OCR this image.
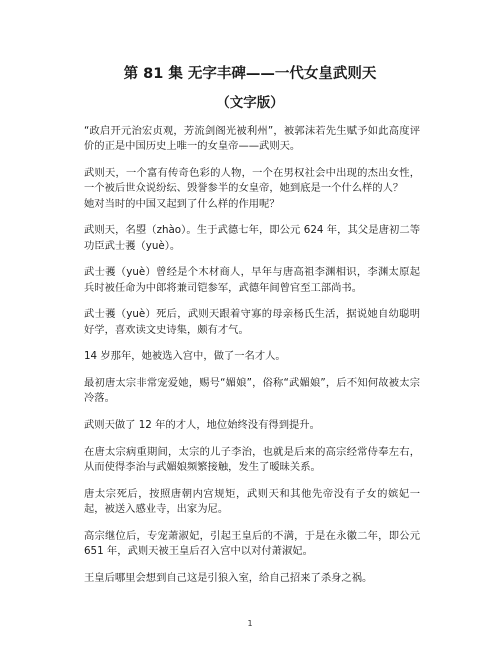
第 81 集 无字丰碑——一代女皇武则天
（文字版）

“政启开元治宏贞观，芳流剑阁光被利州”，被郭沫若先生赋予如此高度评价的正是中国历史上唯一的女皇帝——武则天。

武则天，一个富有传奇色彩的人物，一个在男权社会中出现的杰出女性，一个被后世众说纷纭、毁誉参半的女皇帝，她到底是一个什么样的人？
她对当时的中国又起到了什么样的作用呢？

武则天，名曌（zhào）。生于武德七年，即公元 624 年，其父是唐初二等功臣武士彟（yuè）。

武士彟（yuè）曾经是个木材商人，早年与唐高祖李渊相识，李渊太原起兵时被任命为中郎将兼司铠参军，武德年间曾官至工部尚书。

武士彟（yuè）死后，武则天跟着守寡的母亲杨氏生活，据说她自幼聪明好学，喜欢读文史诗集，颇有才气。

14 岁那年，她被选入宫中，做了一名才人。

最初唐太宗非常宠爱她，赐号“媚娘”，俗称“武媚娘”，后不知何故被太宗冷落。

武则天做了 12 年的才人，地位始终没有得到提升。

在唐太宗病重期间，太宗的儿子李治，也就是后来的高宗经常侍奉左右，从而使得李治与武媚娘频繁接触，发生了暧昧关系。

唐太宗死后，按照唐朝内宫规矩，武则天和其他先帝没有子女的嫔妃一起，被送入感业寺，出家为尼。

高宗继位后，专宠萧淑妃，引起王皇后的不满，于是在永徽二年，即公元 651 年，武则天被王皇后召入宫中以对付萧淑妃。

王皇后哪里会想到自己这是引狼入室，给自己招来了杀身之祸。

1
